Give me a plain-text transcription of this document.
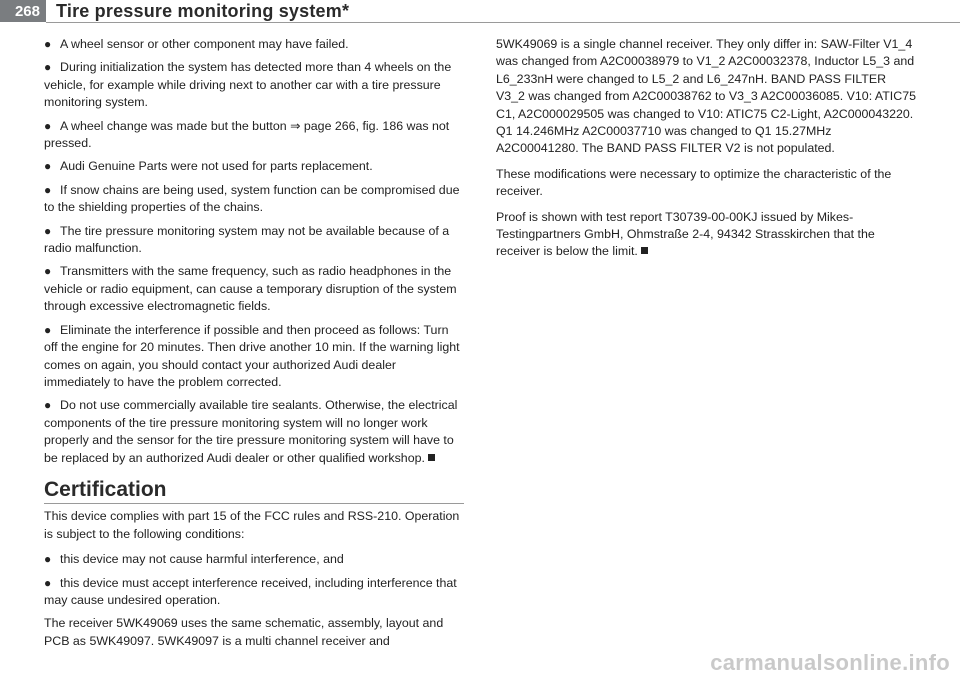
268 Tire pressure monitoring system*

● A wheel sensor or other component may have failed.

● During initialization the system has detected more than 4 wheels on the vehicle, for example while driving next to another car with a tire pressure monitoring system.

● A wheel change was made but the button ⇒ page 266, fig. 186 was not pressed.

● Audi Genuine Parts were not used for parts replacement.

● If snow chains are being used, system function can be compromised due to the shielding properties of the chains.

● The tire pressure monitoring system may not be available because of a radio malfunction.

● Transmitters with the same frequency, such as radio headphones in the vehicle or radio equipment, can cause a temporary disruption of the system through excessive electromagnetic fields.

● Eliminate the interference if possible and then proceed as follows: Turn off the engine for 20 minutes. Then drive another 10 min. If the warning light comes on again, you should contact your authorized Audi dealer immediately to have the problem corrected.

● Do not use commercially available tire sealants. Otherwise, the electrical components of the tire pressure monitoring system will no longer work properly and the sensor for the tire pressure monitoring system will have to be replaced by an authorized Audi dealer or other qualified workshop.

Certification

This device complies with part 15 of the FCC rules and RSS-210. Operation is subject to the following conditions:

● this device may not cause harmful interference, and

● this device must accept interference received, including interference that may cause undesired operation.

The receiver 5WK49069 uses the same schematic, assembly, layout and PCB as 5WK49097. 5WK49097 is a multi channel receiver and

5WK49069 is a single channel receiver. They only differ in: SAW-Filter V1_4 was changed from A2C00038979 to V1_2 A2C00032378, Inductor L5_3 and L6_233nH were changed to L5_2 and L6_247nH. BAND PASS FILTER V3_2 was changed from A2C00038762 to V3_3 A2C00036085. V10: ATIC75 C1, A2C000029505 was changed to V10: ATIC75 C2-Light, A2C000043220. Q1 14.246MHz A2C00037710 was changed to Q1 15.27MHz A2C00041280. The BAND PASS FILTER V2 is not populated.

These modifications were necessary to optimize the characteristic of the receiver.

Proof is shown with test report T30739-00-00KJ issued by Mikes-Testingpartners GmbH, Ohmstraße 2-4, 94342 Strasskirchen that the receiver is below the limit.

carmanualsonline.info
